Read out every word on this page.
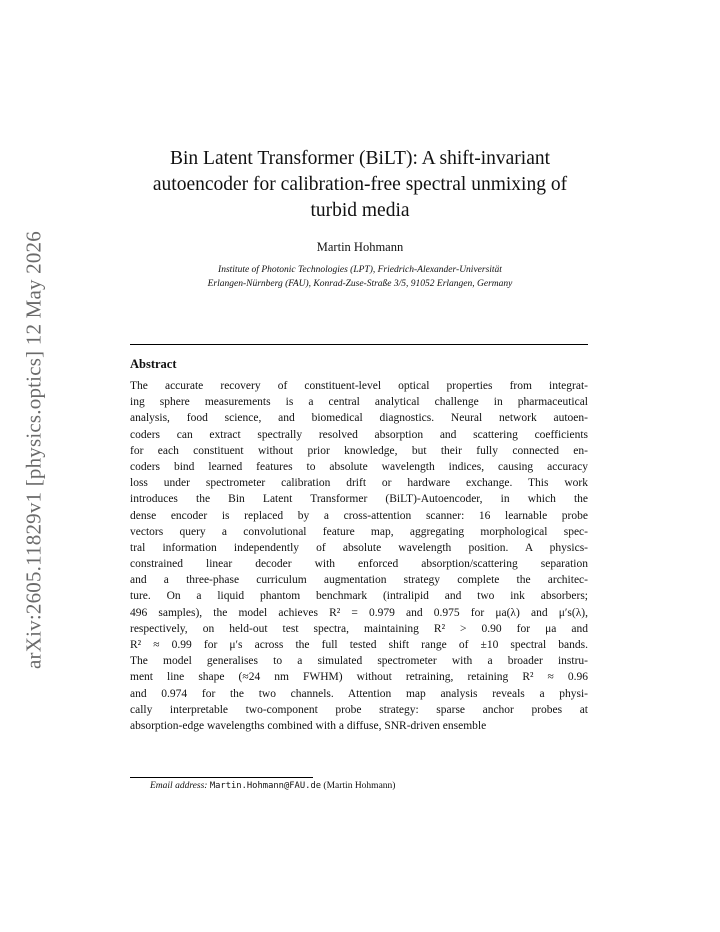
arXiv:2605.11829v1 [physics.optics] 12 May 2026
Bin Latent Transformer (BiLT): A shift-invariant
autoencoder for calibration-free spectral unmixing of
turbid media
Martin Hohmann
Institute of Photonic Technologies (LPT), Friedrich-Alexander-Universität
Erlangen-Nürnberg (FAU), Konrad-Zuse-Straße 3/5, 91052 Erlangen, Germany
Abstract
The accurate recovery of constituent-level optical properties from integrat-
ing sphere measurements is a central analytical challenge in pharmaceutical
analysis, food science, and biomedical diagnostics. Neural network autoen-
coders can extract spectrally resolved absorption and scattering coefficients
for each constituent without prior knowledge, but their fully connected en-
coders bind learned features to absolute wavelength indices, causing accuracy
loss under spectrometer calibration drift or hardware exchange. This work
introduces the Bin Latent Transformer (BiLT)-Autoencoder, in which the
dense encoder is replaced by a cross-attention scanner: 16 learnable probe
vectors query a convolutional feature map, aggregating morphological spec-
tral information independently of absolute wavelength position. A physics-
constrained linear decoder with enforced absorption/scattering separation
and a three-phase curriculum augmentation strategy complete the architec-
ture. On a liquid phantom benchmark (intralipid and two ink absorbers;
496 samples), the model achieves R² = 0.979 and 0.975 for μa(λ) and μ′s(λ),
respectively, on held-out test spectra, maintaining R² > 0.90 for μa and
R² ≈ 0.99 for μ′s across the full tested shift range of ±10 spectral bands.
The model generalises to a simulated spectrometer with a broader instru-
ment line shape (≈24 nm FWHM) without retraining, retaining R² ≈ 0.96
and 0.974 for the two channels. Attention map analysis reveals a physi-
cally interpretable two-component probe strategy: sparse anchor probes at
absorption-edge wavelengths combined with a diffuse, SNR-driven ensemble
Email address: Martin.Hohmann@FAU.de (Martin Hohmann)
